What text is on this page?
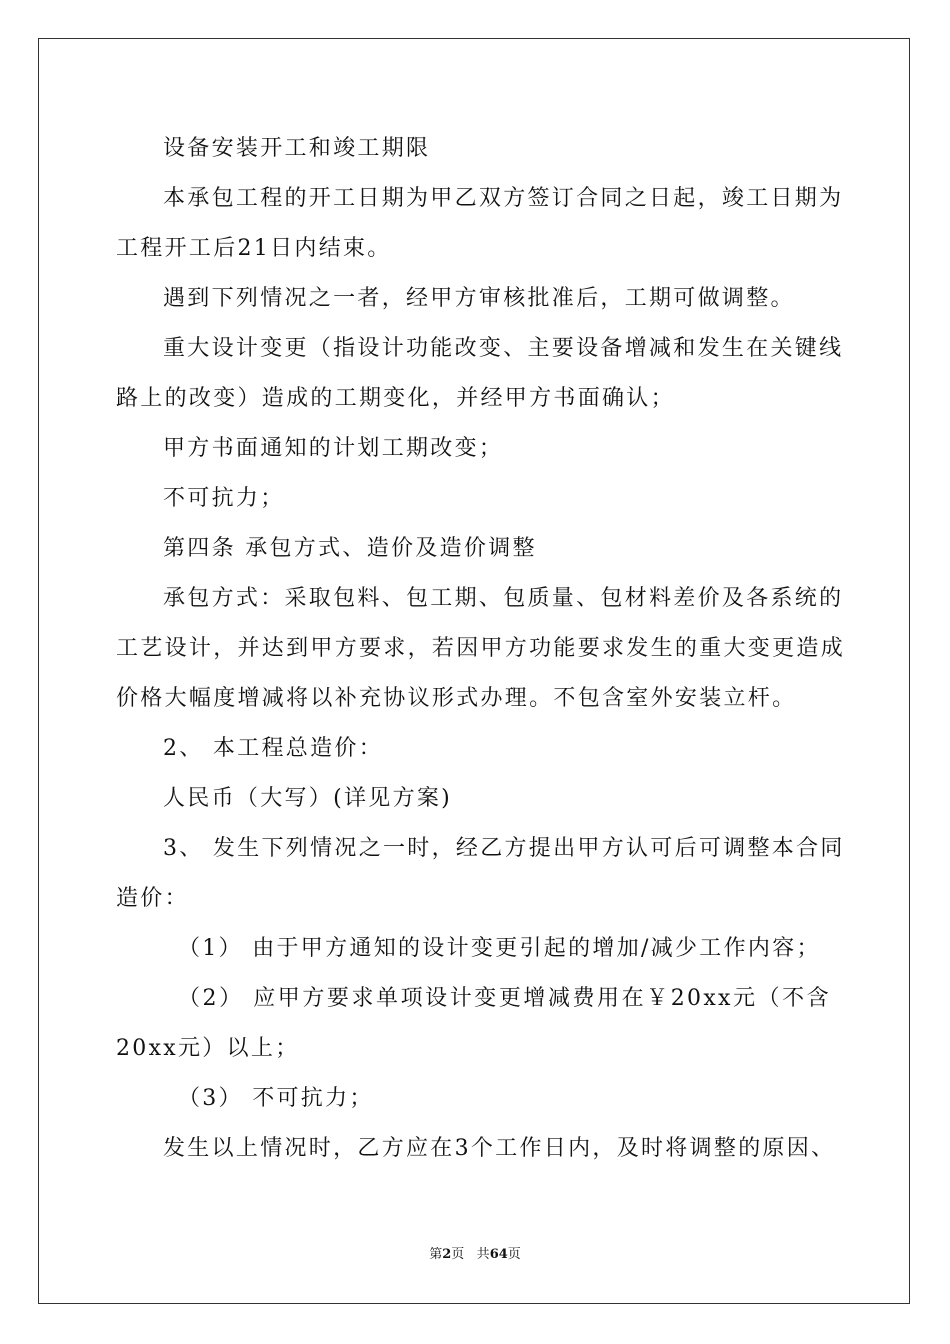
设备安装开工和竣工期限
本承包工程的开工日期为甲乙双方签订合同之日起，竣工日期为
工程开工后21日内结束。
遇到下列情况之一者，经甲方审核批准后，工期可做调整。
重大设计变更（指设计功能改变、主要设备增减和发生在关键线
路上的改变）造成的工期变化，并经甲方书面确认；
甲方书面通知的计划工期改变；
不可抗力；
第四条 承包方式、造价及造价调整
承包方式：采取包料、包工期、包质量、包材料差价及各系统的
工艺设计，并达到甲方要求，若因甲方功能要求发生的重大变更造成
价格大幅度增减将以补充协议形式办理。不包含室外安装立杆。
2、 本工程总造价：
人民币（大写）(详见方案)
3、 发生下列情况之一时，经乙方提出甲方认可后可调整本合同
造价：
（1） 由于甲方通知的设计变更引起的增加/减少工作内容；
（2） 应甲方要求单项设计变更增减费用在￥20xx元（不含
20xx元）以上；
（3） 不可抗力；
发生以上情况时，乙方应在3个工作日内，及时将调整的原因、
第2页 共64页
